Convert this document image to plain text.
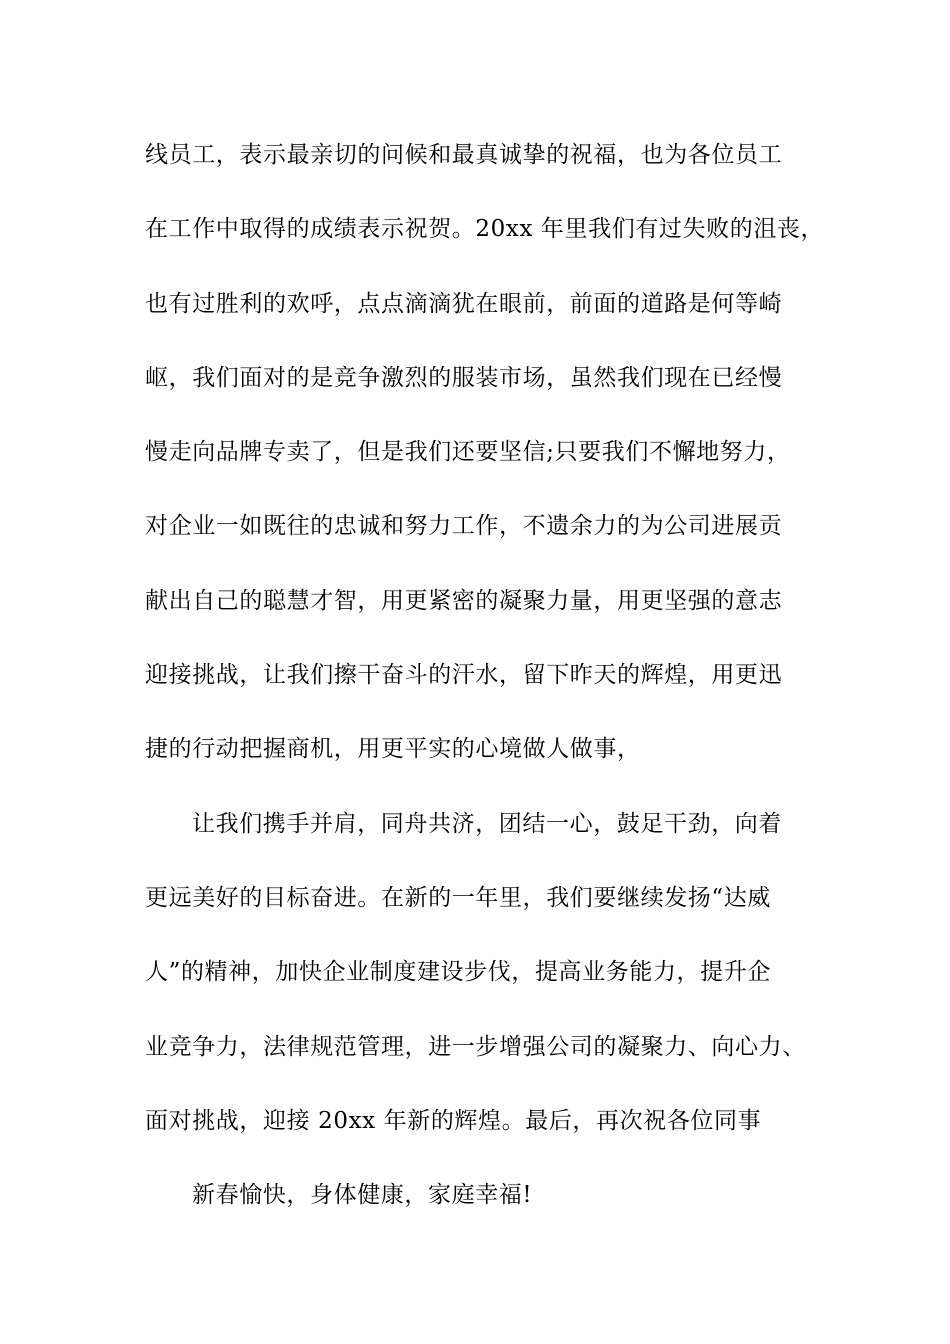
线员工，表示最亲切的问候和最真诚挚的祝福，也为各位员工
在工作中取得的成绩表示祝贺。20xx 年里我们有过失败的沮丧，
也有过胜利的欢呼，点点滴滴犹在眼前，前面的道路是何等崎
岖，我们面对的是竞争激烈的服装市场，虽然我们现在已经慢
慢走向品牌专卖了，但是我们还要坚信;只要我们不懈地努力，
对企业一如既往的忠诚和努力工作，不遗余力的为公司进展贡
献出自己的聪慧才智，用更紧密的凝聚力量，用更坚强的意志
迎接挑战，让我们擦干奋斗的汗水，留下昨天的辉煌，用更迅
捷的行动把握商机，用更平实的心境做人做事，
让我们携手并肩，同舟共济，团结一心，鼓足干劲，向着
更远美好的目标奋进。在新的一年里，我们要继续发扬“达威
人”的精神，加快企业制度建设步伐，提高业务能力，提升企
业竞争力，法律规范管理，进一步增强公司的凝聚力、向心力、
面对挑战，迎接 20xx 年新的辉煌。最后，再次祝各位同事
新春愉快，身体健康，家庭幸福!
